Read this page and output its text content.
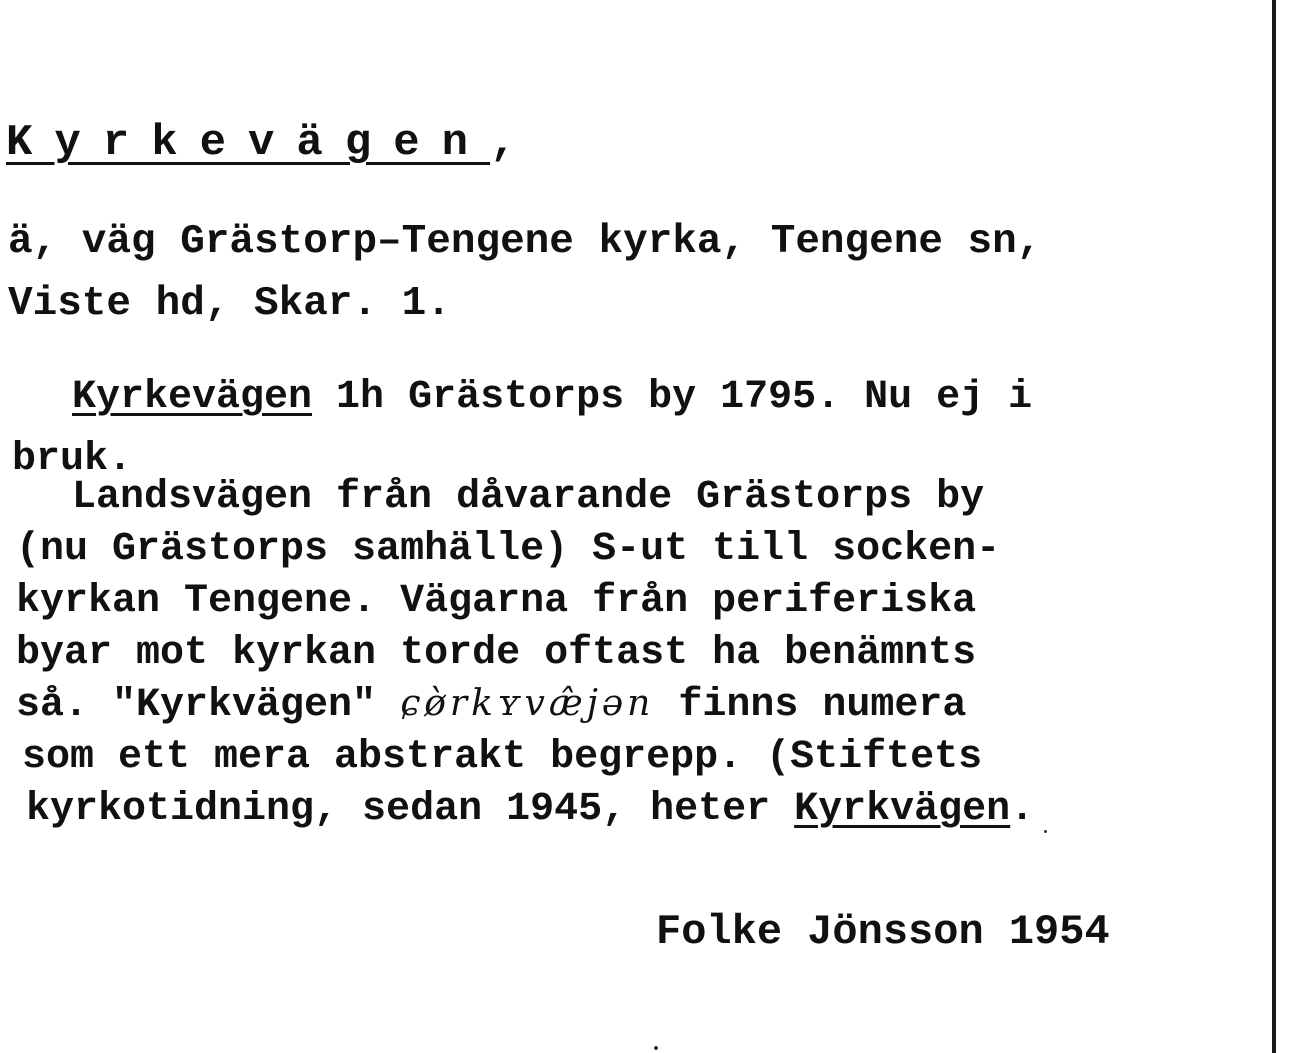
Kyrkevägen,
ä, väg Grästorp–Tengene kyrka, Tengene sn,
Viste hd, Skar. 1.
Kyrkevägen 1h Grästorps by 1795. Nu ej i
bruk.
Landsvägen från dåvarande Grästorps by
(nu Grästorps samhälle) S-ut till socken-
kyrkan Tengene. Vägarna från periferiska
byar mot kyrkan torde oftast ha benämnts
så. "Kyrkvägen" ɕø̀rkʏvæ̂jən finns numera
som ett mera abstrakt begrepp. (Stiftets
kyrkotidning, sedan 1945, heter Kyrkvägen.
Folke Jönsson 1954
